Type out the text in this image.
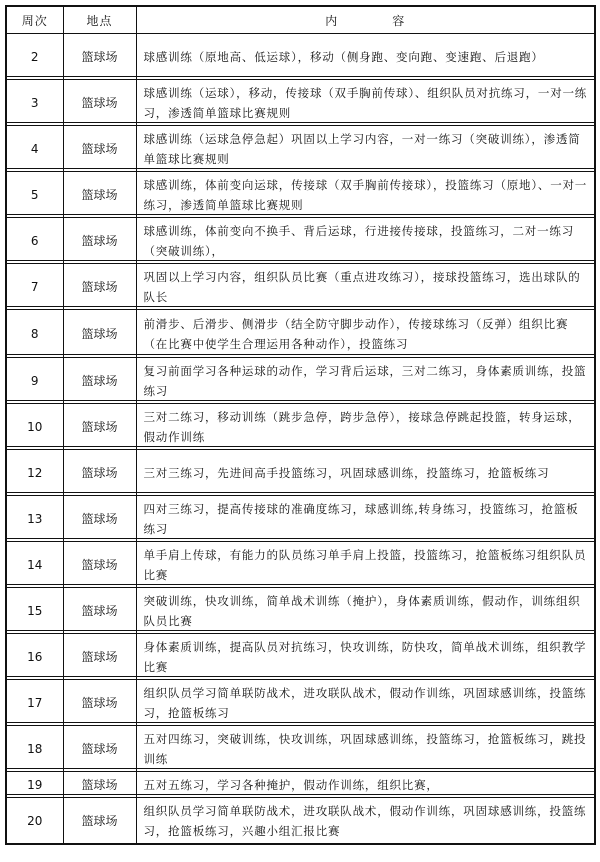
周次	地点	内 容
2	篮球场	球感训练（原地高、低运球），移动（侧身跑、变向跑、变速跑、后退跑）
3	篮球场	球感训练（运球），移动，传接球（双手胸前传球）、组织队员对抗练习，一对一练习，渗透简单篮球比赛规则
4	篮球场	球感训练（运球急停急起）巩固以上学习内容，一对一练习（突破训练），渗透简单篮球比赛规则
5	篮球场	球感训练，体前变向运球，传接球（双手胸前传接球），投篮练习（原地）、一对一练习，渗透简单篮球比赛规则
6	篮球场	球感训练，体前变向不换手、背后运球，行进接传接球，投篮练习，二对一练习（突破训练），
7	篮球场	巩固以上学习内容，组织队员比赛（重点进攻练习），接球投篮练习，选出球队的队长
8	篮球场	前滑步、后滑步、侧滑步（结全防守脚步动作），传接球练习（反弹）组织比赛（在比赛中使学生合理运用各种动作），投篮练习
9	篮球场	复习前面学习各种运球的动作，学习背后运球，三对二练习，身体素质训练，投篮练习
10	篮球场	三对二练习，移动训练（跳步急停，跨步急停），接球急停跳起投篮，转身运球，假动作训练
12	篮球场	三对三练习，先进间高手投篮练习，巩固球感训练，投篮练习，抢篮板练习
13	篮球场	四对三练习，提高传接球的准确度练习，球感训练,转身练习，投篮练习，抢篮板练习
14	篮球场	单手肩上传球，有能力的队员练习单手肩上投篮，投篮练习，抢篮板练习组织队员比赛
15	篮球场	突破训练，快攻训练，简单战术训练（掩护），身体素质训练，假动作，训练组织队员比赛
16	篮球场	身体素质训练，提高队员对抗练习，快攻训练，防快攻，简单战术训练，组织教学比赛
17	篮球场	组织队员学习简单联防战术，进攻联队战术，假动作训练，巩固球感训练，投篮练习，抢篮板练习
18	篮球场	五对四练习，突破训练，快攻训练，巩固球感训练，投篮练习，抢篮板练习，跳投训练
19	篮球场	五对五练习，学习各种掩护，假动作训练，组织比赛，
20	篮球场	组织队员学习简单联防战术，进攻联队战术，假动作训练，巩固球感训练，投篮练习，抢篮板练习，兴趣小组汇报比赛
